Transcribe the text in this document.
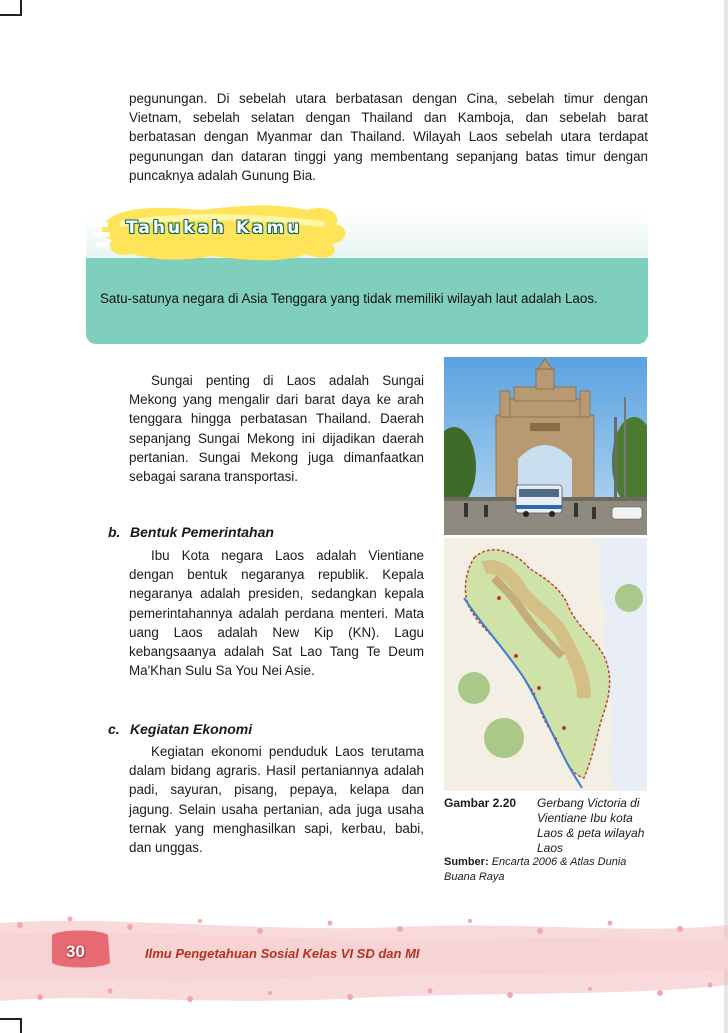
pegunungan. Di sebelah utara berbatasan dengan Cina, sebelah timur dengan Vietnam, sebelah selatan dengan Thailand dan Kamboja, dan sebelah barat berbatasan dengan Myanmar dan Thailand. Wilayah Laos sebelah utara terdapat pegunungan dan dataran tinggi yang membentang sepanjang batas timur dengan puncaknya adalah Gunung Bia.

Tahukah Kamu

Satu-satunya negara di Asia Tenggara yang tidak memiliki wilayah laut adalah Laos.

Sungai penting di Laos adalah Sungai Mekong yang mengalir dari barat daya ke arah tenggara hingga perbatasan Thailand. Daerah sepanjang Sungai Mekong ini dijadikan daerah pertanian. Sungai Mekong juga dimanfaatkan sebagai sarana transportasi.

b. Bentuk Pemerintahan

Ibu Kota negara Laos adalah Vientiane dengan bentuk negaranya republik. Kepala negaranya adalah presiden, sedangkan kepala pemerintahannya adalah perdana menteri. Mata uang Laos adalah New Kip (KN). Lagu kebangsaanya adalah Sat Lao Tang Te Deum Ma'Khan Sulu Sa You Nei Asie.

c. Kegiatan Ekonomi

Kegiatan ekonomi penduduk Laos terutama dalam bidang agraris. Hasil pertaniannya adalah padi, sayuran, pisang, pepaya, kelapa dan jagung. Selain usaha pertanian, ada juga usaha ternak yang menghasilkan sapi, kerbau, babi, dan unggas.

Gambar 2.20 Gerbang Victoria di Vientiane Ibu kota Laos & peta wilayah Laos
Sumber: Encarta 2006 & Atlas Dunia Buana Raya
30	Ilmu Pengetahuan Sosial Kelas VI SD dan MI
